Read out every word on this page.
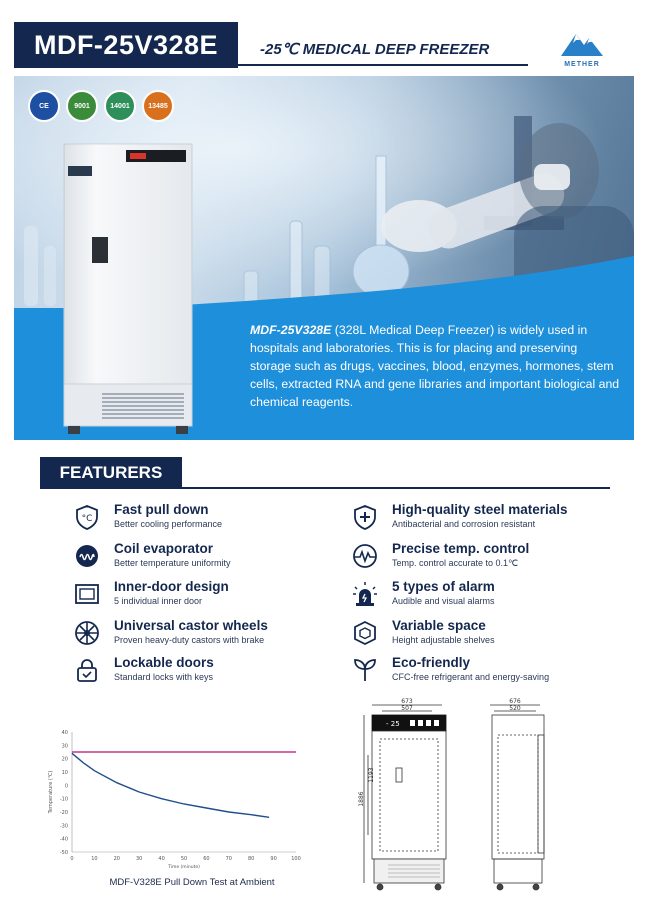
MDF-25V328E	-25℃ MEDICAL DEEP FREEZER
METHER
CE	9001	14001	13485

MDF-25V328E (328L Medical Deep Freezer) is widely used in hospitals and laboratories. This is for placing and preserving storage such as drugs, vaccines, blood, enzymes, hormones, stem cells, extracted RNA and gene libraries and important biological and chemical reagents.

FEATURERS
°C
Fast pull down
Better cooling performance
Coil evaporator
Better temperature uniformity
Inner-door design
5 individual inner door
Universal castor wheels
Proven heavy-duty castors with brake
Lockable doors
Standard locks with keys
High-quality steel materials
Antibacterial and corrosion resistant
Precise temp. control
Temp. control accurate to 0.1℃
5 types of alarm
Audible and visual alarms
Variable space
Height adjustable shelves
Eco-friendly
CFC-free refrigerant and energy-saving
40
30
20
10
0
-10
-20
-30
-40
-50
0	10	20	30	40	50	60	70	80	90	100
Time (minute)
Temperature (℃)
MDF-V328E Pull Down Test at Ambient
673
507
676
520
1886
1193
- 25
